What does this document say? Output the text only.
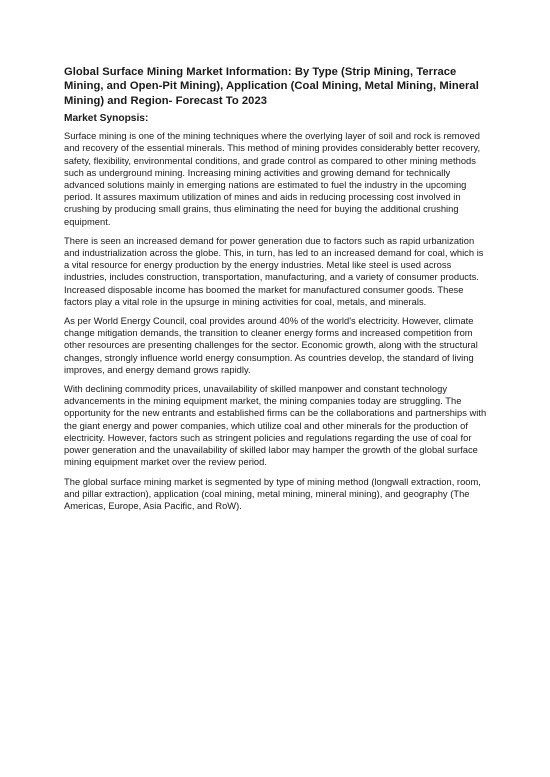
Global Surface Mining Market Information: By Type (Strip Mining, Terrace Mining, and Open-Pit Mining), Application (Coal Mining, Metal Mining, Mineral Mining) and Region- Forecast To 2023
Market Synopsis:

Surface mining is one of the mining techniques where the overlying layer of soil and rock is removed and recovery of the essential minerals. This method of mining provides considerably better recovery, safety, flexibility, environmental conditions, and grade control as compared to other mining methods such as underground mining. Increasing mining activities and growing demand for technically advanced solutions mainly in emerging nations are estimated to fuel the industry in the upcoming period. It assures maximum utilization of mines and aids in reducing processing cost involved in crushing by producing small grains, thus eliminating the need for buying the additional crushing equipment.

There is seen an increased demand for power generation due to factors such as rapid urbanization and industrialization across the globe. This, in turn, has led to an increased demand for coal, which is a vital resource for energy production by the energy industries. Metal like steel is used across industries, includes construction, transportation, manufacturing, and a variety of consumer products. Increased disposable income has boomed the market for manufactured consumer goods. These factors play a vital role in the upsurge in mining activities for coal, metals, and minerals.

As per World Energy Council, coal provides around 40% of the world's electricity. However, climate change mitigation demands, the transition to cleaner energy forms and increased competition from other resources are presenting challenges for the sector. Economic growth, along with the structural changes, strongly influence world energy consumption. As countries develop, the standard of living improves, and energy demand grows rapidly.

With declining commodity prices, unavailability of skilled manpower and constant technology advancements in the mining equipment market, the mining companies today are struggling. The opportunity for the new entrants and established firms can be the collaborations and partnerships with the giant energy and power companies, which utilize coal and other minerals for the production of electricity. However, factors such as stringent policies and regulations regarding the use of coal for power generation and the unavailability of skilled labor may hamper the growth of the global surface mining equipment market over the review period.

The global surface mining market is segmented by type of mining method (longwall extraction, room, and pillar extraction), application (coal mining, metal mining, mineral mining), and geography (The Americas, Europe, Asia Pacific, and RoW).
